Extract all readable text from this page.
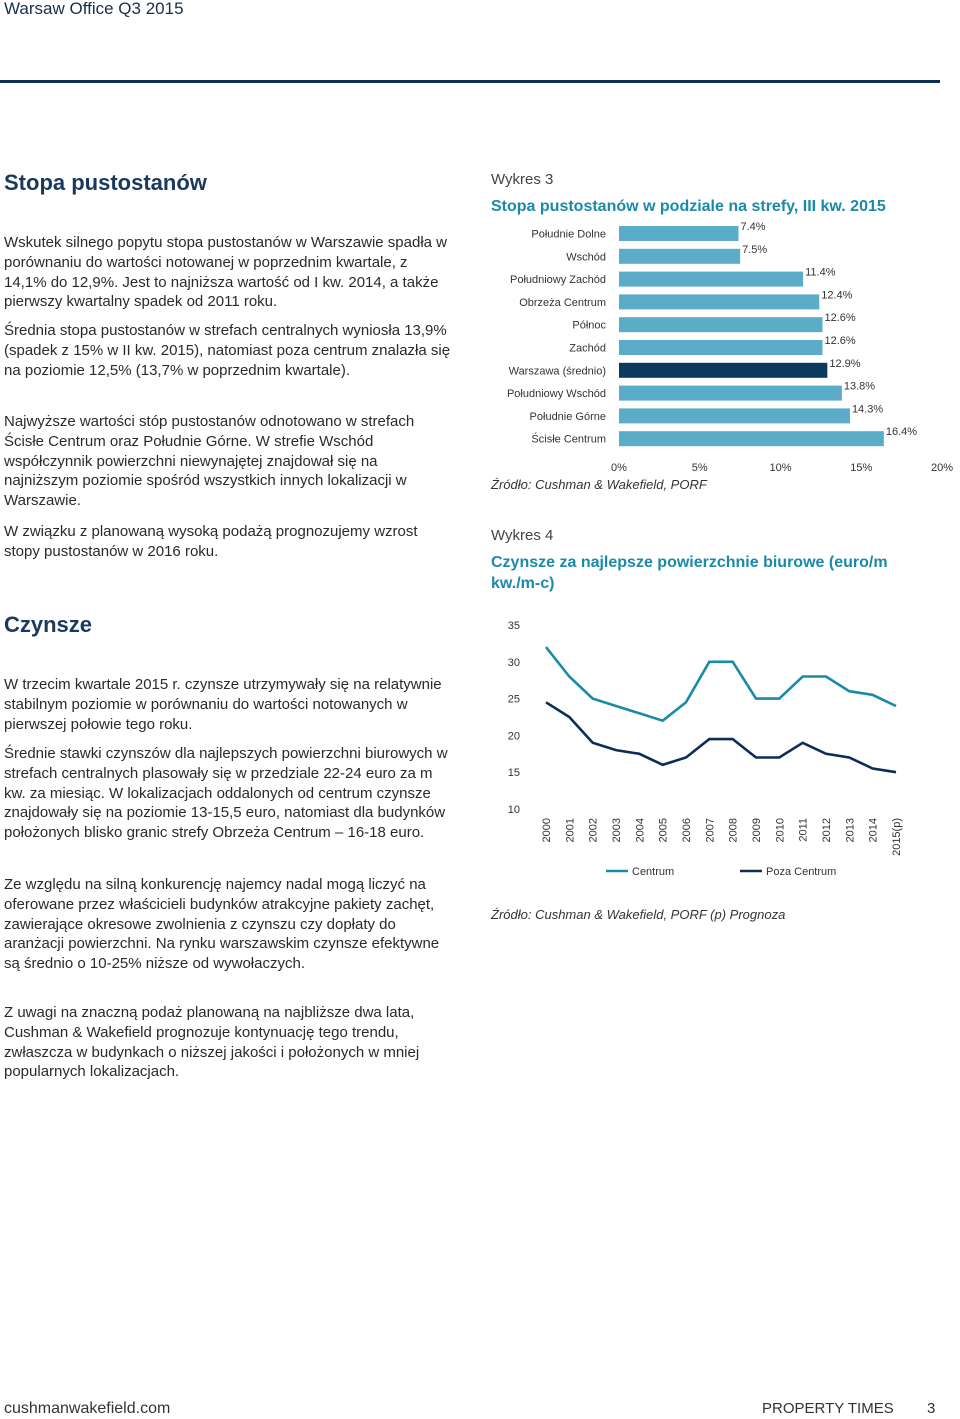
Warsaw Office Q3 2015
Stopa pustostanów
Wskutek silnego popytu stopa pustostanów w Warszawie spadła w porównaniu do wartości notowanej w poprzednim kwartale, z 14,1% do 12,9%. Jest to najniższa wartość od I kw. 2014, a także pierwszy kwartalny spadek od 2011 roku.
Średnia stopa pustostanów w strefach centralnych wyniosła 13,9% (spadek z 15% w II kw. 2015), natomiast poza centrum znalazła się na poziomie 12,5% (13,7% w poprzednim kwartale).
Najwyższe wartości stóp pustostanów odnotowano w strefach Ścisłe Centrum oraz Południe Górne. W strefie Wschód współczynnik powierzchni niewynajętej znajdował się na najniższym poziomie spośród wszystkich innych lokalizacji w Warszawie.
W związku z planowaną wysoką podażą prognozujemy wzrost stopy pustostanów w 2016 roku.
Czynsze
W trzecim kwartale 2015 r. czynsze utrzymywały się na relatywnie stabilnym poziomie w porównaniu do wartości notowanych w pierwszej połowie tego roku.
Średnie stawki czynszów dla najlepszych powierzchni biurowych w strefach centralnych plasowały się w przedziale 22-24 euro za m kw. za miesiąc. W lokalizacjach oddalonych od centrum czynsze znajdowały się na poziomie 13-15,5 euro, natomiast dla budynków położonych blisko granic strefy Obrzeża Centrum – 16-18 euro.
Ze względu na silną konkurencję najemcy nadal mogą liczyć na oferowane przez właścicieli budynków atrakcyjne pakiety zachęt, zawierające okresowe zwolnienia z czynszu czy dopłaty do aranżacji powierzchni. Na rynku warszawskim czynsze efektywne są średnio o 10-25% niższe od wywołaczych.
Z uwagi na znaczną podaż planowaną na najbliższe dwa lata, Cushman & Wakefield prognozuje kontynuację tego trendu, zwłaszcza w budynkach o niższej jakości i położonych w mniej popularnych lokalizacjach.
Wykres 3
Stopa pustostanów w podziale na strefy, III kw. 2015
Południe Dolne
7.4%
Wschód
7.5%
Południowy Zachód
11.4%
Obrzeża Centrum
12.4%
Północ
12.6%
Zachód
12.6%
Warszawa (średnio)
12.9%
Południowy Wschód
13.8%
Południe Górne
14.3%
Ścisłe Centrum
16.4%
0%	5%	10%	15%	20%
Źródło: Cushman & Wakefield, PORF
Wykres 4
Czynsze za najlepsze powierzchnie biurowe (euro/m kw./m-c)
10
15
20
25
30
35
2000 2001 2002 2003 2004 2005 2006 2007 2008 2009 2010 2011 2012 2013 2014 2015(p)
Centrum	Poza Centrum
Źródło: Cushman & Wakefield, PORF (p) Prognoza
cushmanwakefield.com	PROPERTY TIMES 3
